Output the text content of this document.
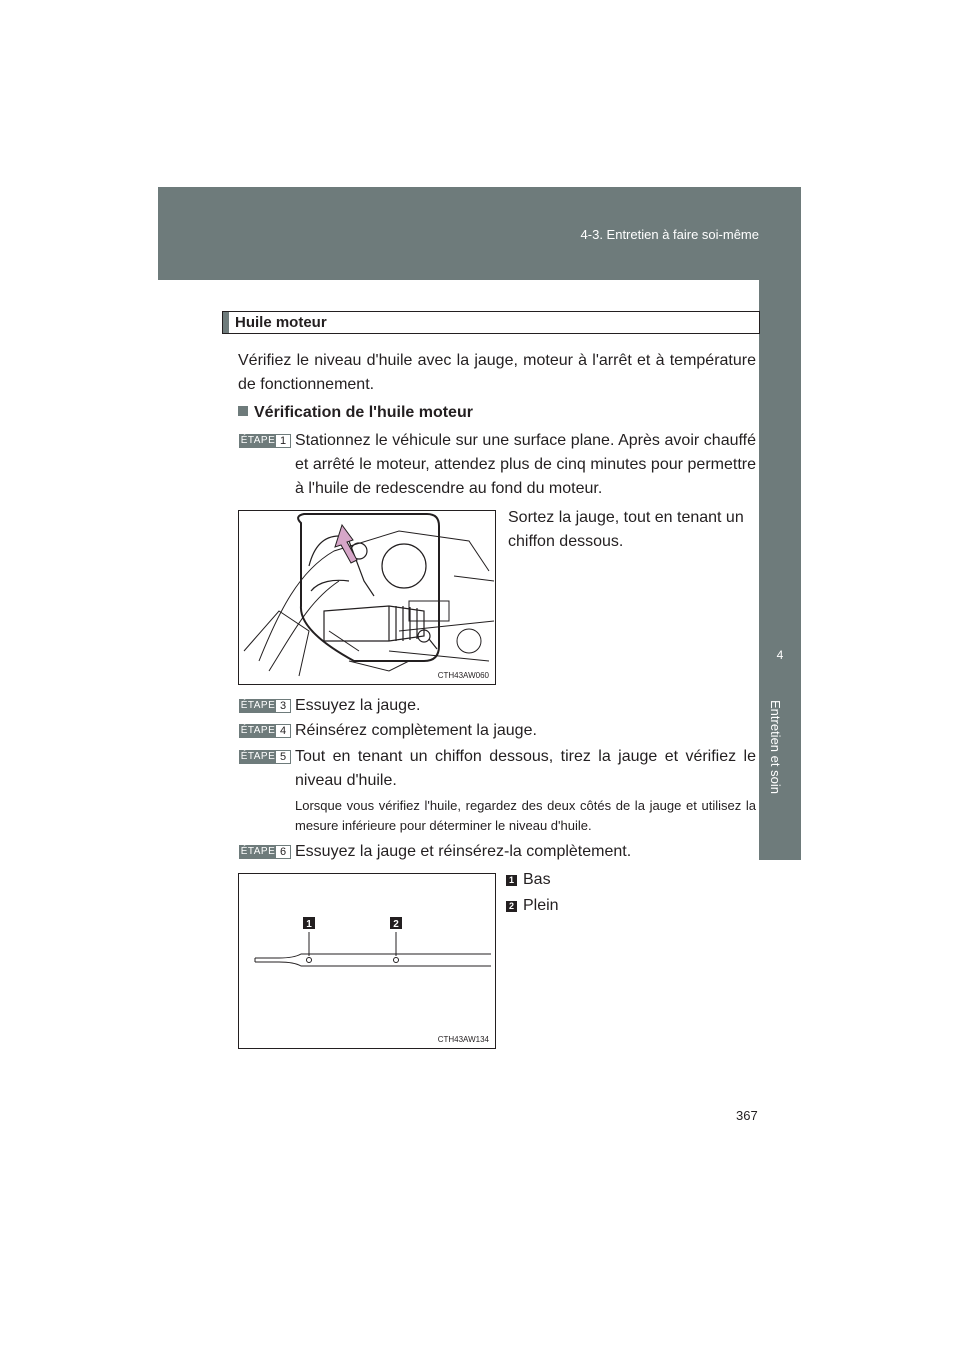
4-3. Entretien à faire soi-même
4
Entretien et soin
Huile moteur
Vérifiez le niveau d'huile avec la jauge, moteur à l'arrêt et à température de fonctionnement.
Vérification de l'huile moteur
ÉTAPE 1 Stationnez le véhicule sur une surface plane. Après avoir chauffé et arrêté le moteur, attendez plus de cinq minutes pour permettre à l'huile de redescendre au fond du moteur.
CTH43AW060
Sortez la jauge, tout en tenant un chiffon dessous.
ÉTAPE 3 Essuyez la jauge.
ÉTAPE 4 Réinsérez complètement la jauge.
ÉTAPE 5 Tout en tenant un chiffon dessous, tirez la jauge et vérifiez le niveau d'huile.
Lorsque vous vérifiez l'huile, regardez des deux côtés de la jauge et utilisez la mesure inférieure pour déterminer le niveau d'huile.
ÉTAPE 6 Essuyez la jauge et réinsérez-la complètement.
1	2
CTH43AW134
1 Bas
2 Plein
367
